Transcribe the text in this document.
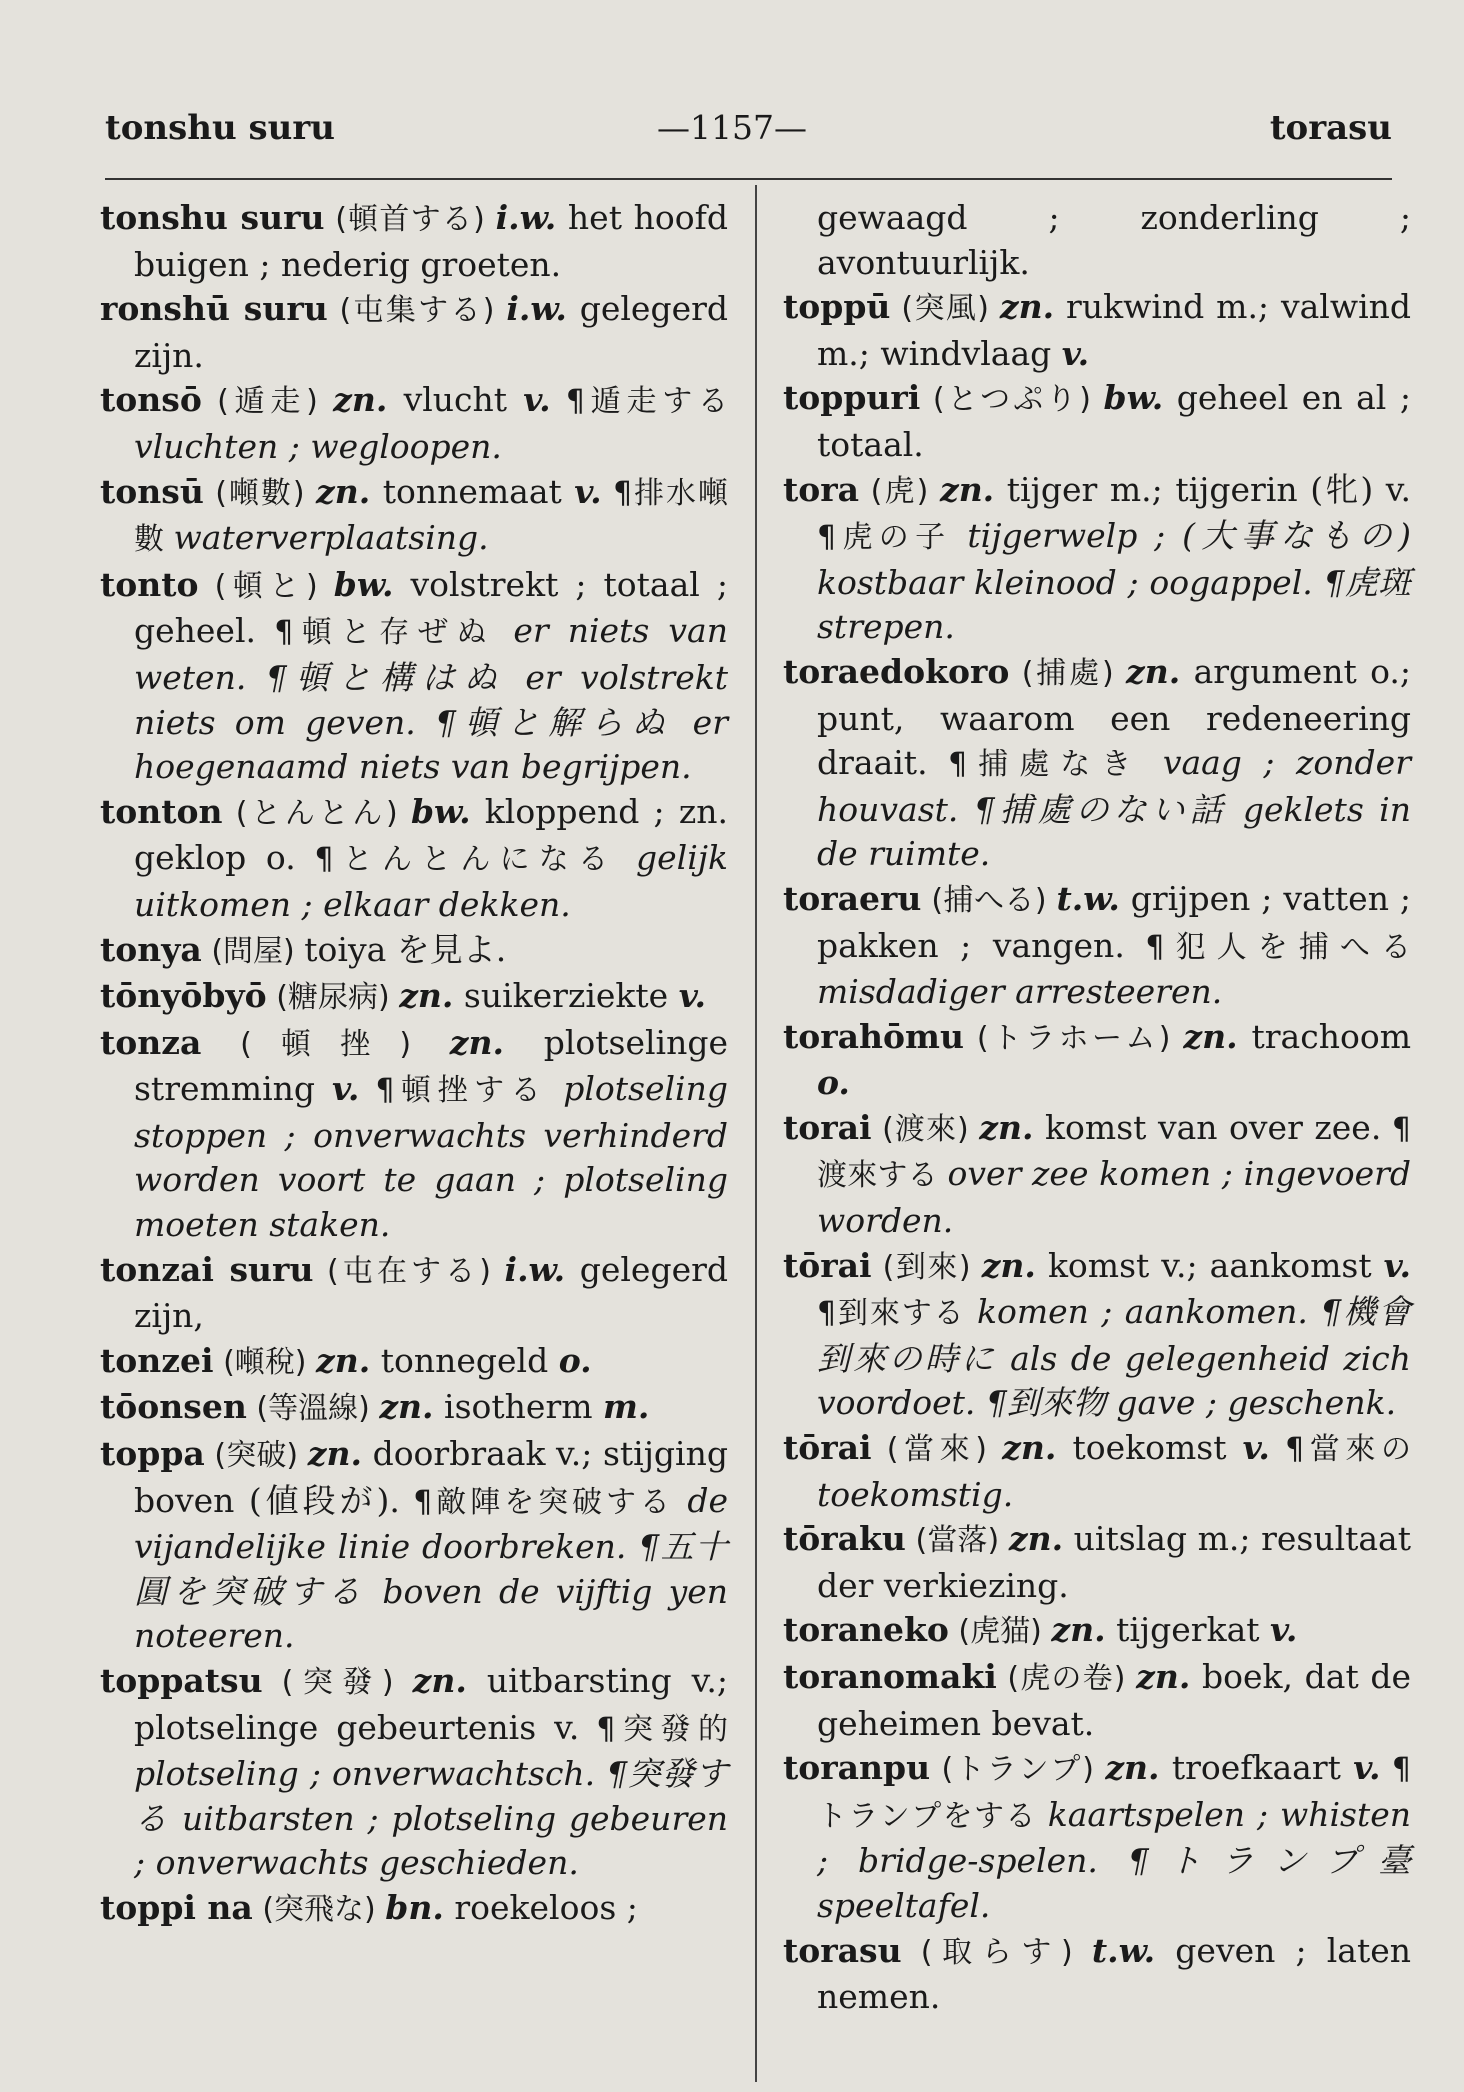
tonshu suru	—1157—	torasu
tonshu suru (頓首する) i.w. het hoofd buigen ; nederig groeten.
ronshū suru (屯集する) i.w. gelegerd zijn.
tonsō (遁走) zn. vlucht v. ¶遁走する vluchten ; wegloopen.
tonsū (噸數) zn. tonnemaat v. ¶排水噸數 waterverplaatsing.
tonto (頓と) bw. volstrekt ; totaal ; geheel. ¶頓と存ぜぬ er niets van weten. ¶頓と構はぬ er volstrekt niets om geven. ¶頓と解らぬ er hoegenaamd niets van begrijpen.
tonton (とんとん) bw. kloppend ; zn. geklop o. ¶とんとんになる gelijk uitkomen ; elkaar dekken.
tonya (問屋) toiya を見よ.
tōnyōbyō (糖尿病) zn. suikerziekte v.
tonza (頓挫) zn. plotselinge stremming v. ¶頓挫する plotseling stoppen ; onverwachts verhinderd worden voort te gaan ; plotseling moeten staken.
tonzai suru (屯在する) i.w. gelegerd zijn,
tonzei (噸稅) zn. tonnegeld o.
tōonsen (等溫線) zn. isotherm m.
toppa (突破) zn. doorbraak v.; stijging boven (値段が). ¶敵陣を突破する de vijandelijke linie doorbreken. ¶五十圓を突破する boven de vijftig yen noteeren.
toppatsu (突發) zn. uitbarsting v.; plotselinge gebeurtenis v. ¶突發的 plotseling ; onverwachtsch. ¶突發する uitbarsten ; plotseling gebeuren ; onverwachts geschieden.
toppi na (突飛な) bn. roekeloos ;
gewaagd ; zonderling ; avontuurlijk.
toppū (突風) zn. rukwind m.; valwind m.; windvlaag v.
toppuri (とつぷり) bw. geheel en al ; totaal.
tora (虎) zn. tijger m.; tijgerin (牝) v. ¶虎の子 tijgerwelp ; (大事なもの) kostbaar kleinood ; oogappel. ¶虎斑 strepen.
toraedokoro (捕處) zn. argument o.; punt, waarom een redeneering draait. ¶捕處なき vaag ; zonder houvast. ¶捕處のない話 geklets in de ruimte.
toraeru (捕へる) t.w. grijpen ; vatten ; pakken ; vangen. ¶犯人を捕へる misdadiger arresteeren.
torahōmu (トラホーム) zn. trachoom o.
torai (渡來) zn. komst van over zee. ¶渡來する over zee komen ; ingevoerd worden.
tōrai (到來) zn. komst v.; aankomst v. ¶到來する komen ; aankomen. ¶機會到來の時に als de gelegenheid zich voordoet. ¶到來物 gave ; geschenk.
tōrai (當來) zn. toekomst v. ¶當來の toekomstig.
tōraku (當落) zn. uitslag m.; resultaat der verkiezing.
toraneko (虎猫) zn. tijgerkat v.
toranomaki (虎の卷) zn. boek, dat de geheimen bevat.
toranpu (トランプ) zn. troefkaart v. ¶トランプをする kaartspelen ; whisten ; bridge-spelen. ¶トランプ臺 speeltafel.
torasu (取らす) t.w. geven ; laten nemen.
